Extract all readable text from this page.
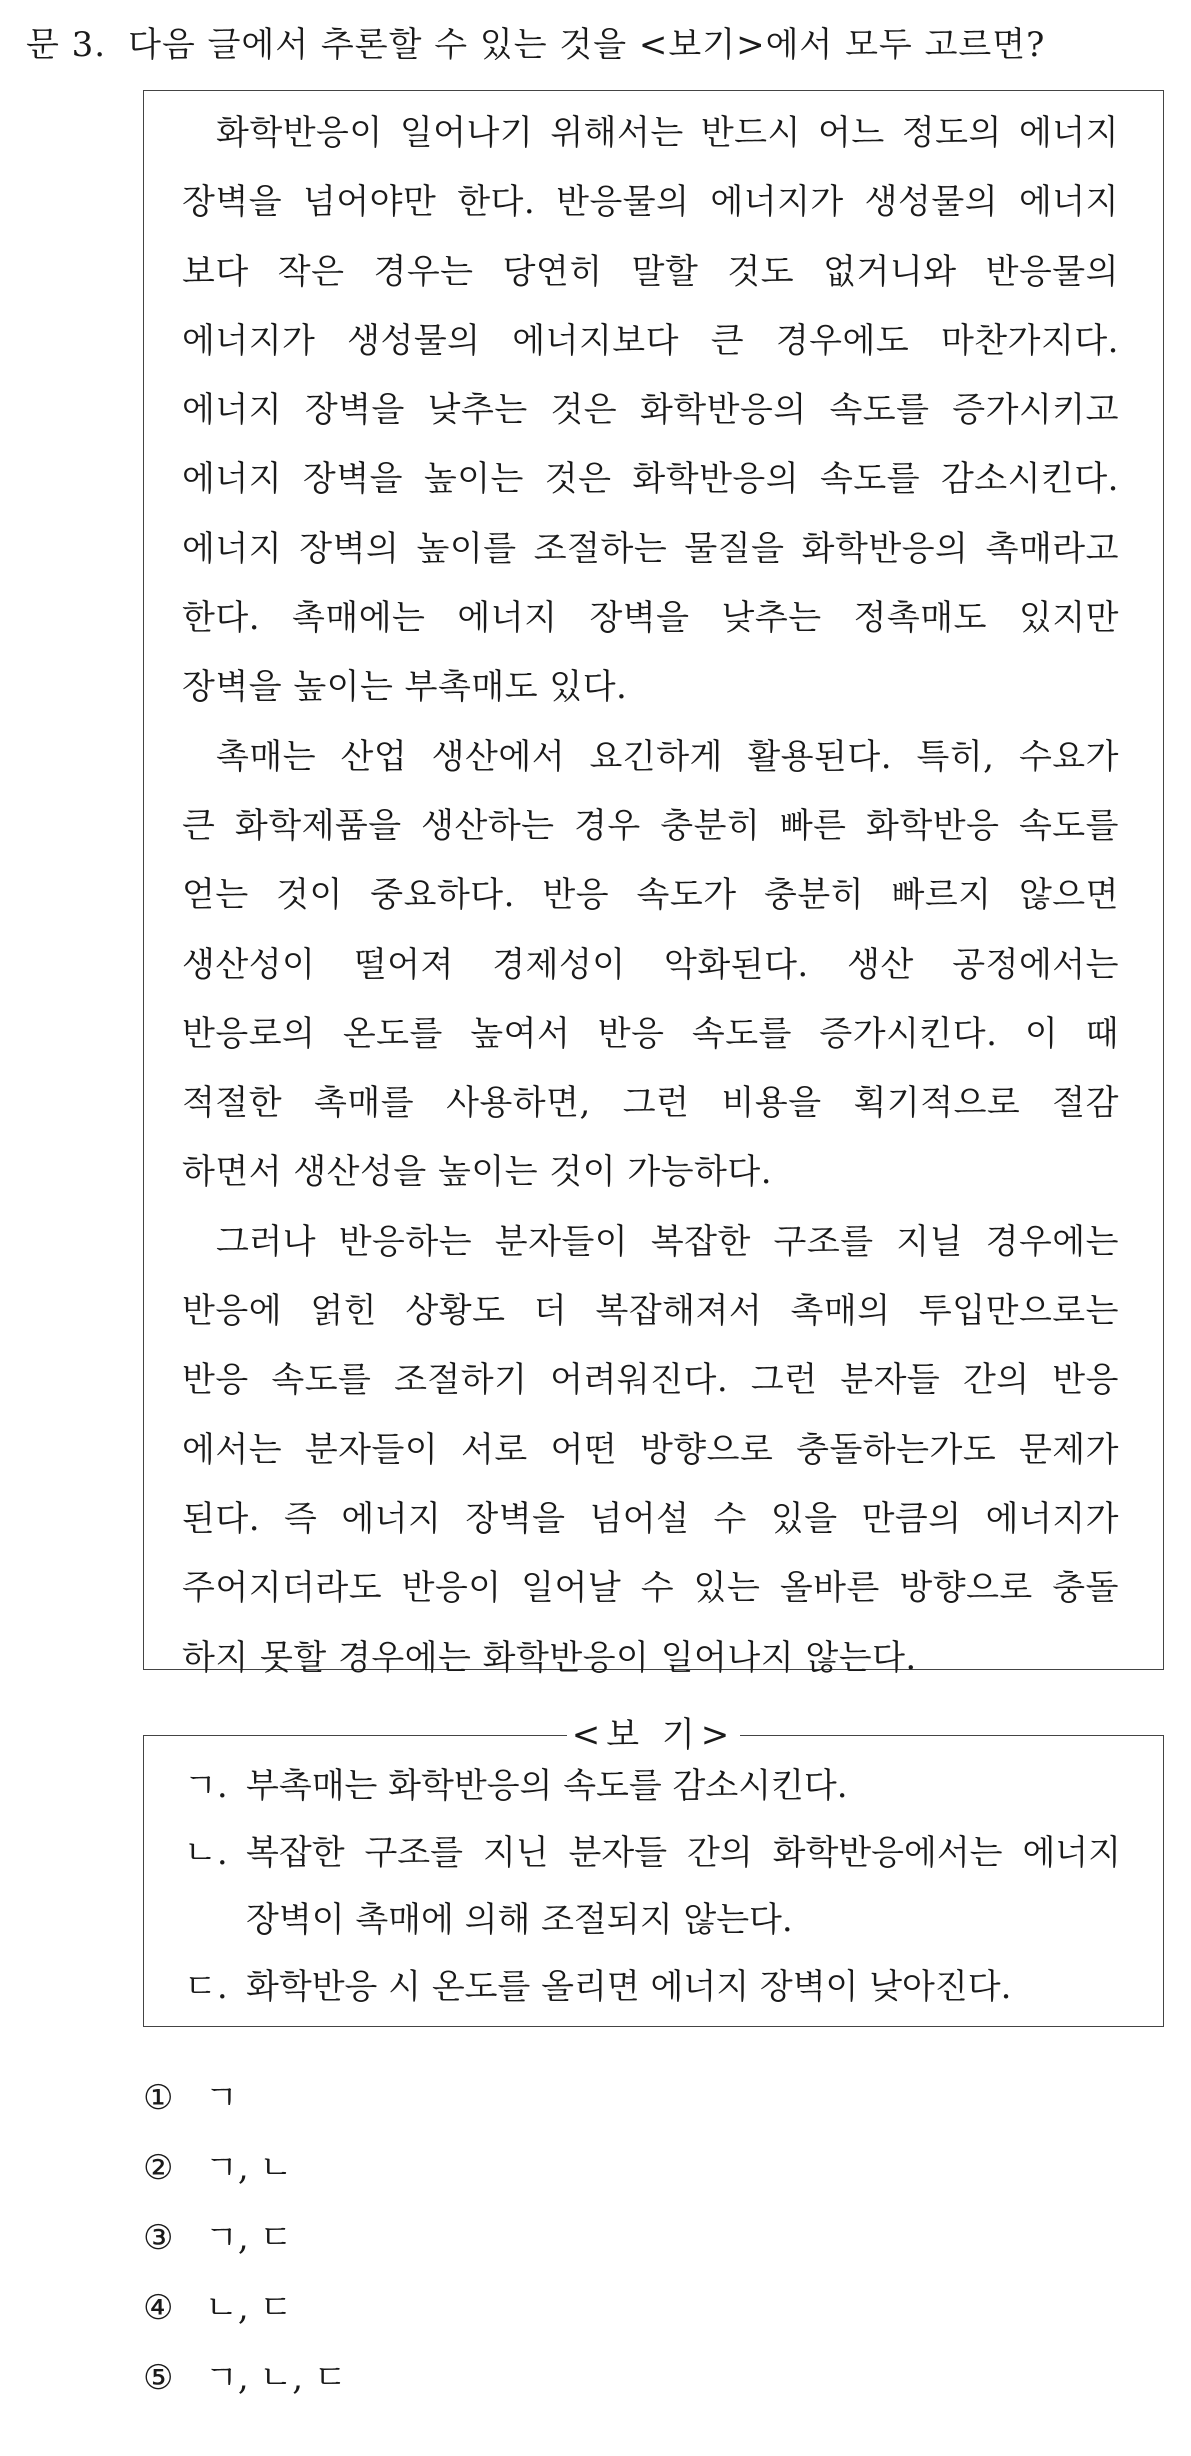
문 3. 다음 글에서 추론할 수 있는 것을 <보기>에서 모두 고르면?
화학반응이 일어나기 위해서는 반드시 어느 정도의 에너지
장벽을 넘어야만 한다. 반응물의 에너지가 생성물의 에너지
보다 작은 경우는 당연히 말할 것도 없거니와 반응물의
에너지가 생성물의 에너지보다 큰 경우에도 마찬가지다.
에너지 장벽을 낮추는 것은 화학반응의 속도를 증가시키고
에너지 장벽을 높이는 것은 화학반응의 속도를 감소시킨다.
에너지 장벽의 높이를 조절하는 물질을 화학반응의 촉매라고
한다. 촉매에는 에너지 장벽을 낮추는 정촉매도 있지만
장벽을 높이는 부촉매도 있다.
촉매는 산업 생산에서 요긴하게 활용된다. 특히, 수요가
큰 화학제품을 생산하는 경우 충분히 빠른 화학반응 속도를
얻는 것이 중요하다. 반응 속도가 충분히 빠르지 않으면
생산성이 떨어져 경제성이 악화된다. 생산 공정에서는
반응로의 온도를 높여서 반응 속도를 증가시킨다. 이 때
적절한 촉매를 사용하면, 그런 비용을 획기적으로 절감
하면서 생산성을 높이는 것이 가능하다.
그러나 반응하는 분자들이 복잡한 구조를 지닐 경우에는
반응에 얽힌 상황도 더 복잡해져서 촉매의 투입만으로는
반응 속도를 조절하기 어려워진다. 그런 분자들 간의 반응
에서는 분자들이 서로 어떤 방향으로 충돌하는가도 문제가
된다. 즉 에너지 장벽을 넘어설 수 있을 만큼의 에너지가
주어지더라도 반응이 일어날 수 있는 올바른 방향으로 충돌
하지 못할 경우에는 화학반응이 일어나지 않는다.
<보 기>
ㄱ. 부촉매는 화학반응의 속도를 감소시킨다.
ㄴ. 복잡한 구조를 지닌 분자들 간의 화학반응에서는 에너지
장벽이 촉매에 의해 조절되지 않는다.
ㄷ. 화학반응 시 온도를 올리면 에너지 장벽이 낮아진다.
① ㄱ
② ㄱ, ㄴ
③ ㄱ, ㄷ
④ ㄴ, ㄷ
⑤ ㄱ, ㄴ, ㄷ
